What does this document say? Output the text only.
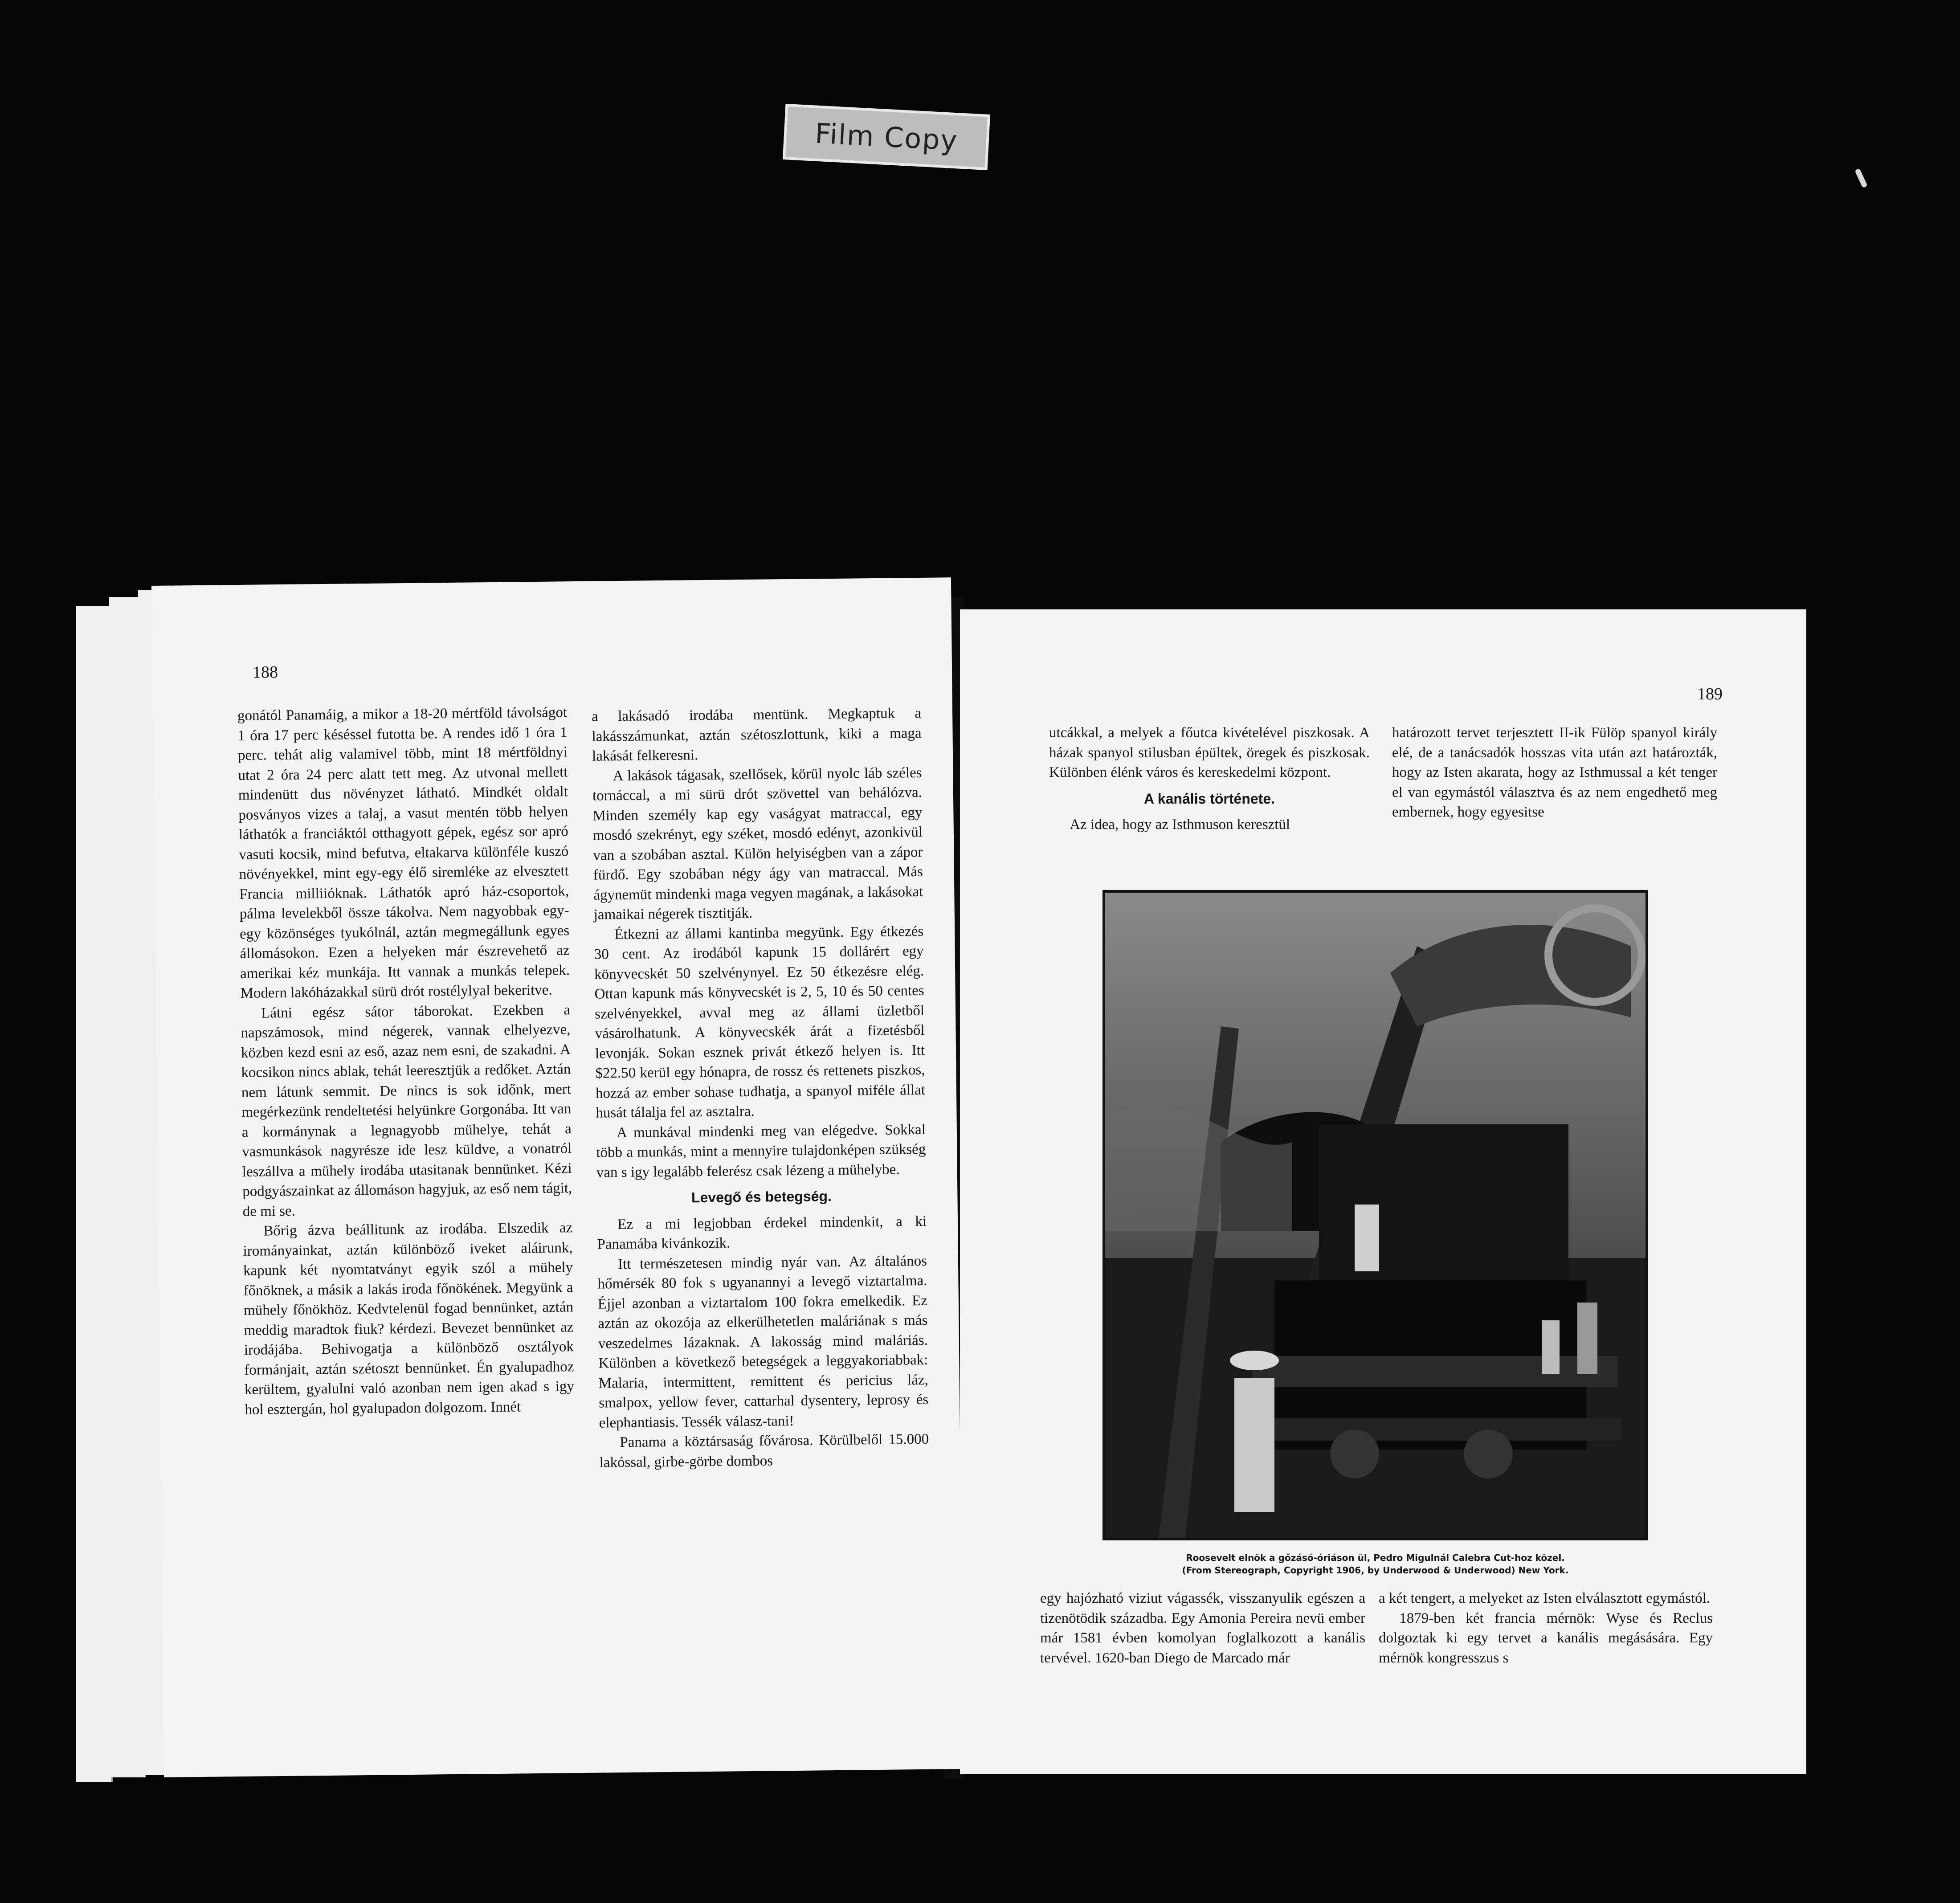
Film Copy
188

gonától Panamáig, a mikor a 18-20 mértföld távolságot 1 óra 17 perc késéssel futotta be. A rendes idő 1 óra 1 perc. tehát alig valamivel több, mint 18 mértföldnyi utat 2 óra 24 perc alatt tett meg. Az utvonal mellett mindenütt dus növényzet látható. Mindkét oldalt posványos vizes a talaj, a vasut mentén több helyen láthatók a franciáktól otthagyott gépek, egész sor apró vasuti kocsik, mind befutva, eltakarva különféle kuszó növényekkel, mint egy-egy élő siremléke az elvesztett Francia milliióknak. Láthatók apró ház-csoportok, pálma levelekből össze tákolva. Nem nagyobbak egy-egy közönséges tyukólnál, aztán megmegállunk egyes állomásokon. Ezen a helyeken már észrevehető az amerikai kéz munkája. Itt vannak a munkás telepek. Modern lakóházakkal sürü drót rostélylyal bekeritve.

Látni egész sátor táborokat. Ezekben a napszámosok, mind négerek, vannak elhelyezve, közben kezd esni az eső, azaz nem esni, de szakadni. A kocsikon nincs ablak, tehát leeresztjük a redőket. Aztán nem látunk semmit. De nincs is sok időnk, mert megérkezünk rendeltetési helyünkre Gorgonába. Itt van a kormánynak a legnagyobb mühelye, tehát a vasmunkások nagyrésze ide lesz küldve, a vonatról leszállva a mühely irodába utasitanak bennünket. Kézi podgyászainkat az állomáson hagyjuk, az eső nem tágit, de mi se.

Bőrig ázva beállitunk az irodába. Elszedik az irományainkat, aztán különböző iveket aláirunk, kapunk két nyomtatványt egyik szól a mühely főnöknek, a másik a lakás iroda főnökének. Megyünk a mühely főnökhöz. Kedvtelenül fogad bennünket, aztán meddig maradtok fiuk? kérdezi. Bevezet bennünket az irodájába. Behivogatja a különböző osztályok formánjait, aztán szétoszt bennünket. Én gyalupadhoz kerültem, gyalulni való azonban nem igen akad s igy hol esztergán, hol gyalupadon dolgozom. Innét

a lakásadó irodába mentünk. Megkaptuk a lakásszámunkat, aztán szétoszlottunk, kiki a maga lakását felkeresni.

A lakások tágasak, szellősek, körül nyolc láb széles tornáccal, a mi sürü drót szövettel van behálózva. Minden személy kap egy vaságyat matraccal, egy mosdó szekrényt, egy széket, mosdó edényt, azonkivül van a szobában asztal. Külön helyiségben van a zápor fürdő. Egy szobában négy ágy van matraccal. Más ágynemüt mindenki maga vegyen magának, a lakásokat jamaikai négerek tisztitják.

Étkezni az állami kantinba megyünk. Egy étkezés 30 cent. Az irodából kapunk 15 dollárért egy könyvecskét 50 szelvénynyel. Ez 50 étkezésre elég. Ottan kapunk más könyvecskét is 2, 5, 10 és 50 centes szelvényekkel, avval meg az állami üzletből vásárolhatunk. A könyvecskék árát a fizetésből levonják. Sokan esznek privát étkező helyen is. Itt $22.50 kerül egy hónapra, de rossz és rettenets piszkos, hozzá az ember sohase tudhatja, a spanyol miféle állat husát tálalja fel az asztalra.

A munkával mindenki meg van elégedve. Sokkal több a munkás, mint a mennyire tulajdonképen szükség van s igy legalább felerész csak lézeng a mühelybe.

Levegő és betegség.

Ez a mi legjobban érdekel mindenkit, a ki Panamába kivánkozik.

Itt természetesen mindig nyár van. Az általános hőmérsék 80 fok s ugyanannyi a levegő viztartalma. Éjjel azonban a viztartalom 100 fokra emelkedik. Ez aztán az okozója az elkerülhetetlen maláriának s más veszedelmes lázaknak. A lakosság mind maláriás. Különben a következő betegségek a leggyakoriabbak: Malaria, intermittent, remittent és pericius láz, smalpox, yellow fever, cattarhal dysentery, leprosy és elephantiasis. Tessék válasz-tani!

Panama a köztársaság fővárosa. Körülbelől 15.000 lakóssal, girbe-görbe dombos

189

utcákkal, a melyek a főutca kivételével piszkosak. A házak spanyol stilusban épültek, öregek és piszkosak. Különben élénk város és kereskedelmi központ.

A kanális története.

Az idea, hogy az Isthmuson keresztül

határozott tervet terjesztett II-ik Fülöp spanyol király elé, de a tanácsadók hosszas vita után azt határozták, hogy az Isten akarata, hogy az Isthmussal a két tenger el van egymástól választva és az nem engedhető meg embernek, hogy egyesitse

Roosevelt elnök a gőzásó-óriáson ül, Pedro Migulnál Calebra Cut-hoz közel.
(From Stereograph, Copyright 1906, by Underwood & Underwood) New York.

egy hajózható viziut vágassék, visszanyulik egészen a tizenötödik századba. Egy Amonia Pereira nevü ember már 1581 évben komolyan foglalkozott a kanális tervével. 1620-ban Diego de Marcado már

a két tengert, a melyeket az Isten elválasztott egymástól.

1879-ben két francia mérnök: Wyse és Reclus dolgoztak ki egy tervet a kanális megásására. Egy mérnök kongresszus s
